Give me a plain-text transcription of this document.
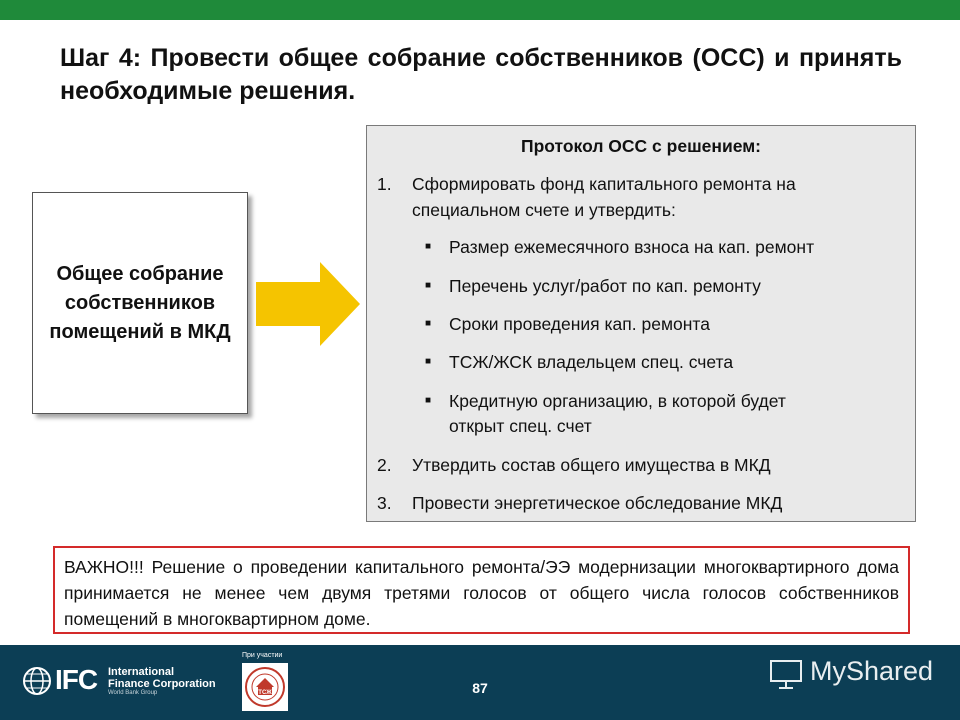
Шаг 4: Провести общее собрание собственников (ОСС) и принять необходимые решения.
Общее собрание собственников помещений в МКД
Протокол ОСС с решением:
1. Сформировать фонд капитального ремонта на
специальном счете и утвердить:
■ Размер ежемесячного взноса на кап. ремонт
■ Перечень услуг/работ по кап. ремонту
■ Сроки проведения кап. ремонта
■ ТСЖ/ЖСК владельцем спец. счета
■ Кредитную организацию, в которой будет
открыт спец. счет
2. Утвердить состав общего имущества в МКД
3. Провести энергетическое обследование МКД
ВАЖНО!!! Решение о проведении капитального ремонта/ЭЭ модернизации многоквартирного дома принимается не менее чем двумя третями голосов от общего числа голосов собственников помещений в многоквартирном доме.
IFC International
Finance Corporation
World Bank Group
При участии
ТСЖ	87
MyShared
